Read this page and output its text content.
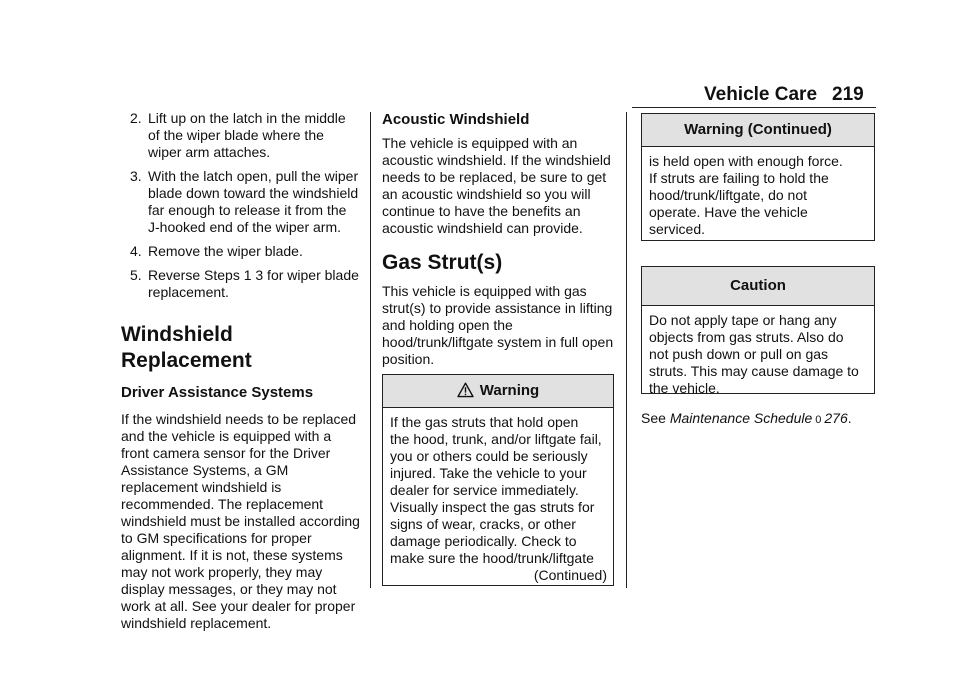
Vehicle Care 219
2. Lift up on the latch in the middle of the wiper blade where the wiper arm attaches.
3. With the latch open, pull the wiper blade down toward the windshield far enough to release it from the J-hooked end of the wiper arm.
4. Remove the wiper blade.
5. Reverse Steps 1 3 for wiper blade replacement.
Windshield Replacement
Driver Assistance Systems

If the windshield needs to be replaced and the vehicle is equipped with a front camera sensor for the Driver Assistance Systems, a GM replacement windshield is recommended. The replacement windshield must be installed according to GM specifications for proper alignment. If it is not, these systems may not work properly, they may display messages, or they may not work at all. See your dealer for proper windshield replacement.

Acoustic Windshield

The vehicle is equipped with an acoustic windshield. If the windshield needs to be replaced, be sure to get an acoustic windshield so you will continue to have the benefits an acoustic windshield can provide.

Gas Strut(s)

This vehicle is equipped with gas strut(s) to provide assistance in lifting and holding open the hood/trunk/liftgate system in full open position.

Warning

If the gas struts that hold open

the hood, trunk, and/or liftgate fail,

you or others could be seriously

injured. Take the vehicle to your

dealer for service immediately.

Visually inspect the gas struts for

signs of wear, cracks, or other

damage periodically. Check to

make sure the hood/trunk/liftgate

(Continued)

Warning (Continued)

is held open with enough force.

If struts are failing to hold the

hood/trunk/liftgate, do not

operate. Have the vehicle

serviced.

Caution

Do not apply tape or hang any

objects from gas struts. Also do

not push down or pull on gas

struts. This may cause damage to

the vehicle.

See Maintenance Schedule 0 276.
